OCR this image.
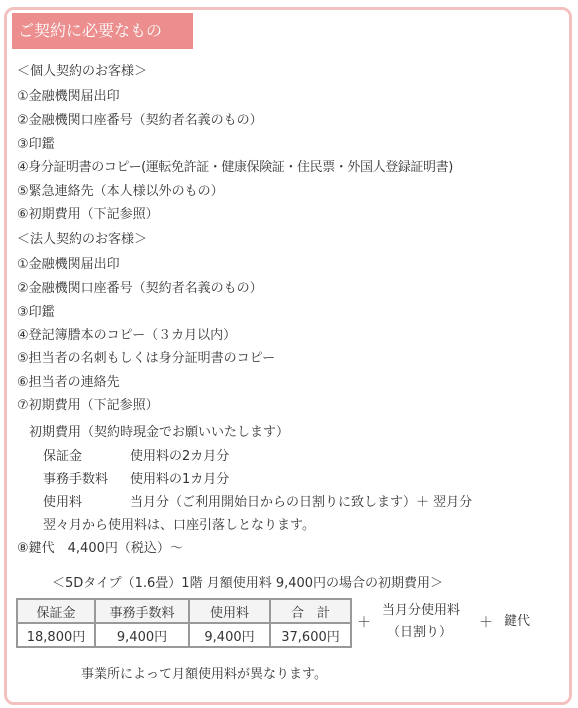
ご契約に必要なもの
＜個人契約のお客様＞
①金融機関届出印
②金融機関口座番号（契約者名義のもの）
③印鑑
④身分証明書のコピー(運転免許証・健康保険証・住民票・外国人登録証明書)
⑤緊急連絡先（本人様以外のもの）
⑥初期費用（下記参照）
＜法人契約のお客様＞
①金融機関届出印
②金融機関口座番号（契約者名義のもの）
③印鑑
④登記簿謄本のコピー（３カ月以内）
⑤担当者の名刺もしくは身分証明書のコピー
⑥担当者の連絡先
⑦初期費用（下記参照）
初期費用（契約時現金でお願いいたします）
保証金	使用料の2カ月分
事務手数料 使用料の1カ月分
使用料	当月分（ご利用開始日からの日割りに致します）＋ 翌月分
翌々月から使用料は、口座引落しとなります。
⑧鍵代　4,400円（税込）～
＜5Dタイプ（1.6畳）1階 月額使用料 9,400円の場合の初期費用＞
保証金	事務手数料	使用料	合　計
18,800円	9,400円	9,400円	37,600円
＋
当月分使用料
（日割り）
＋ 鍵代
事業所によって月額使用料が異なります。
